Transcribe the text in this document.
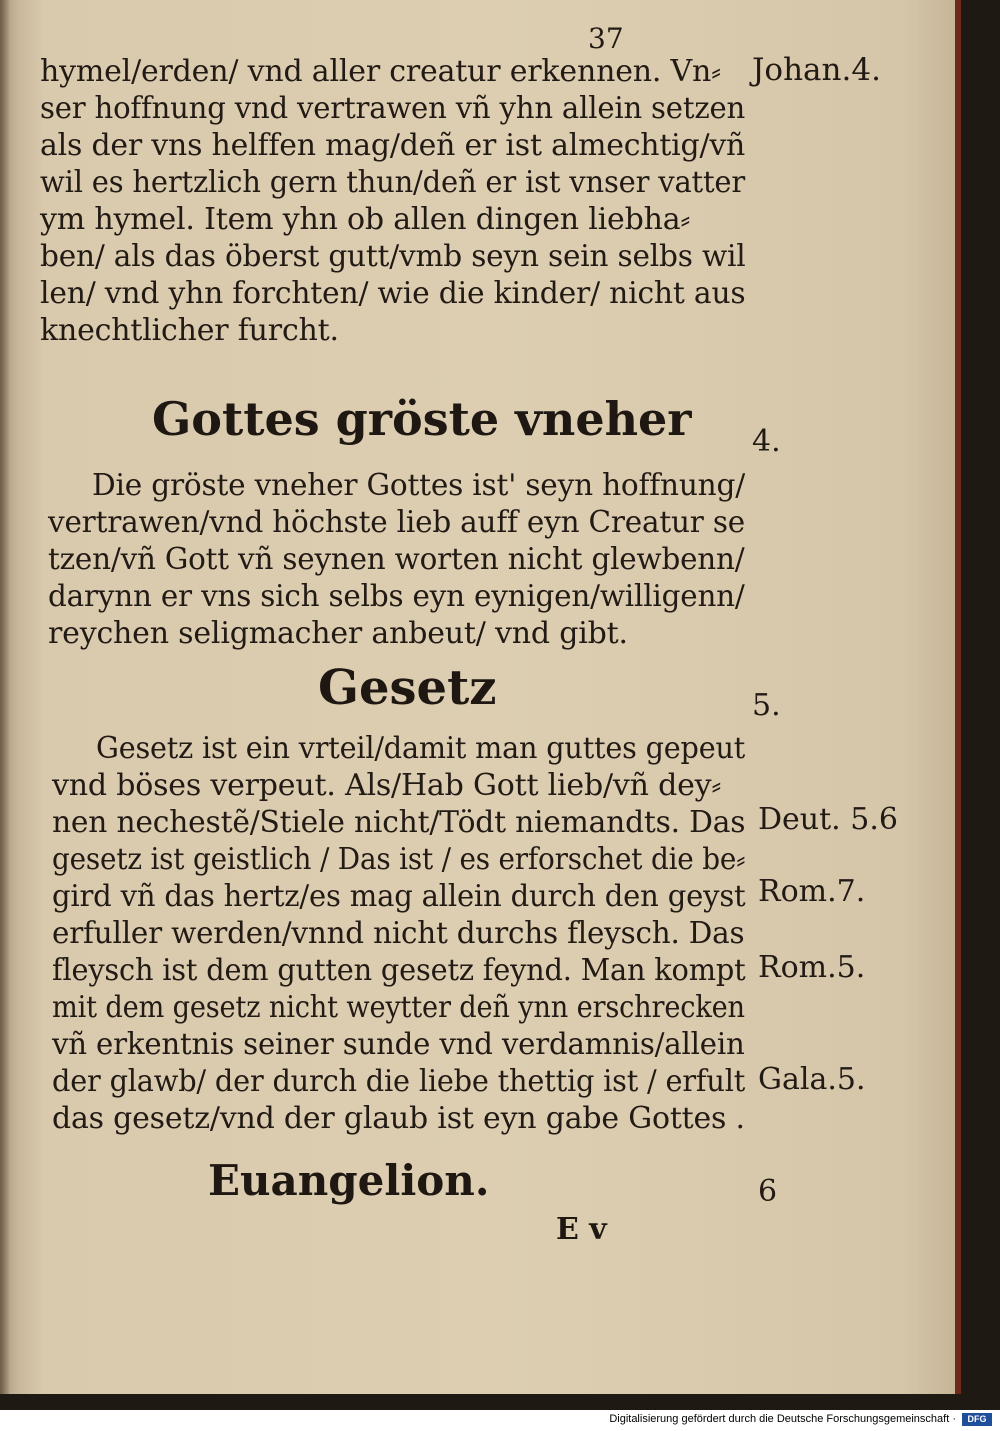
37
hymel/erden/ vnd aller creatur erkennen. Vn⸗
ser hoffnung vnd vertrawen vñ yhn allein setzen
als der vns helffen mag/deñ er ist almechtig/vñ
wil es hertzlich gern thun/deñ er ist vnser vatter
ym hymel. Item yhn ob allen dingen liebha⸗
ben/ als das öberst gutt/vmb seyn sein selbs wil
len/ vnd yhn forchten/ wie die kinder/ nicht aus
knechtlicher furcht.
Gottes gröste vneher
Die gröste vneher Gottes ist' seyn hoffnung/
vertrawen/vnd höchste lieb auff eyn Creatur se
tzen/vñ Gott vñ seynen worten nicht glewbenn/
darynn er vns sich selbs eyn eynigen/willigenn/
reychen seligmacher anbeut/ vnd gibt.
Gesetz
Gesetz ist ein vrteil/damit man guttes gepeut
vnd böses verpeut. Als/Hab Gott lieb/vñ dey⸗
nen nechestẽ/Stiele nicht/Tödt niemandts. Das
gesetz ist geistlich / Das ist / es erforschet die be⸗
gird vñ das hertz/es mag allein durch den geyst
erfuller werden/vnnd nicht durchs fleysch. Das
fleysch ist dem gutten gesetz feynd. Man kompt
mit dem gesetz nicht weytter deñ ynn erschrecken
vñ erkentnis seiner sunde vnd verdamnis/allein
der glawb/ der durch die liebe thettig ist / erfult
das gesetz/vnd der glaub ist eyn gabe Gottes .
Euangelion.
E v
Johan.4.
4.
5.
Deut. 5.6
Rom.7.
Rom.5.
Gala.5.
6
Digitalisierung gefördert durch die Deutsche Forschungsgemeinschaft ·	DFG
